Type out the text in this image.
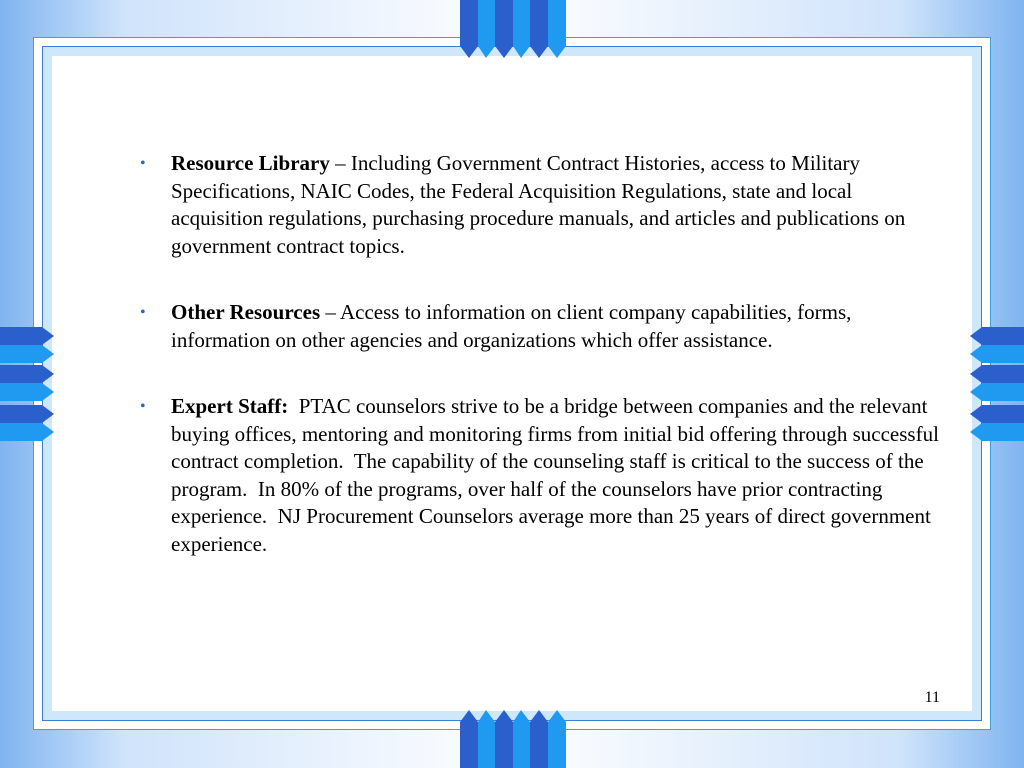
• Resource Library – Including Government Contract Histories, access to Military Specifications, NAIC Codes, the Federal Acquisition Regulations, state and local acquisition regulations, purchasing procedure manuals, and articles and publications on government contract topics.
• Other Resources – Access to information on client company capabilities, forms, information on other agencies and organizations which offer assistance.
• Expert Staff: PTAC counselors strive to be a bridge between companies and the relevant buying offices, mentoring and monitoring firms from initial bid offering through successful contract completion.  The capability of the counseling staff is critical to the success of the program.  In 80% of the programs, over half of the counselors have prior contracting experience.  NJ Procurement Counselors average more than 25 years of direct government experience.
11
